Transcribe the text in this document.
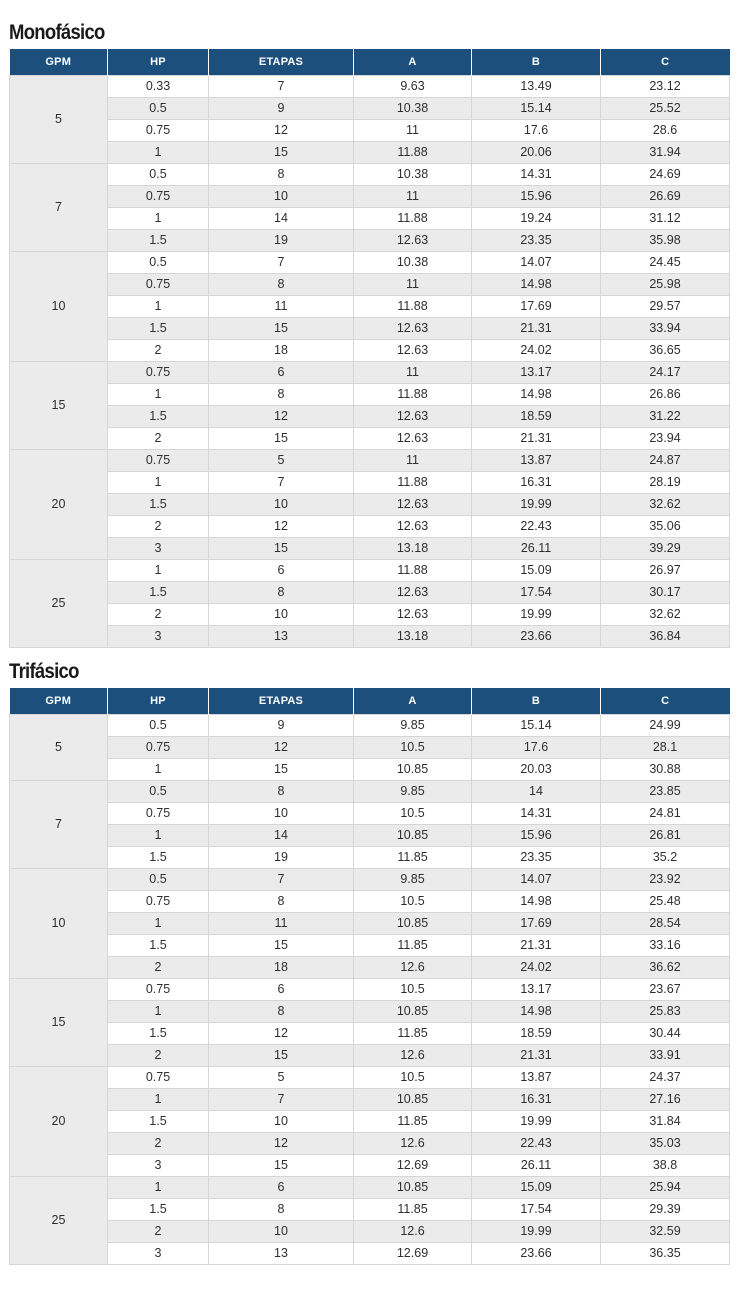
Monofásico
GPM	HP	ETAPAS	A	B	C
5	0.33	7	9.63	13.49	23.12
	0.5	9	10.38	15.14	25.52
	0.75	12	11	17.6	28.6
	1	15	11.88	20.06	31.94
7	0.5	8	10.38	14.31	24.69
	0.75	10	11	15.96	26.69
	1	14	11.88	19.24	31.12
	1.5	19	12.63	23.35	35.98
10	0.5	7	10.38	14.07	24.45
	0.75	8	11	14.98	25.98
	1	11	11.88	17.69	29.57
	1.5	15	12.63	21.31	33.94
	2	18	12.63	24.02	36.65
15	0.75	6	11	13.17	24.17
	1	8	11.88	14.98	26.86
	1.5	12	12.63	18.59	31.22
	2	15	12.63	21.31	23.94
20	0.75	5	11	13.87	24.87
	1	7	11.88	16.31	28.19
	1.5	10	12.63	19.99	32.62
	2	12	12.63	22.43	35.06
	3	15	13.18	26.11	39.29
25	1	6	11.88	15.09	26.97
	1.5	8	12.63	17.54	30.17
	2	10	12.63	19.99	32.62
	3	13	13.18	23.66	36.84
Trifásico
GPM	HP	ETAPAS	A	B	C
5	0.5	9	9.85	15.14	24.99
	0.75	12	10.5	17.6	28.1
	1	15	10.85	20.03	30.88
7	0.5	8	9.85	14	23.85
	0.75	10	10.5	14.31	24.81
	1	14	10.85	15.96	26.81
	1.5	19	11.85	23.35	35.2
10	0.5	7	9.85	14.07	23.92
	0.75	8	10.5	14.98	25.48
	1	11	10.85	17.69	28.54
	1.5	15	11.85	21.31	33.16
	2	18	12.6	24.02	36.62
15	0.75	6	10.5	13.17	23.67
	1	8	10.85	14.98	25.83
	1.5	12	11.85	18.59	30.44
	2	15	12.6	21.31	33.91
20	0.75	5	10.5	13.87	24.37
	1	7	10.85	16.31	27.16
	1.5	10	11.85	19.99	31.84
	2	12	12.6	22.43	35.03
	3	15	12.69	26.11	38.8
25	1	6	10.85	15.09	25.94
	1.5	8	11.85	17.54	29.39
	2	10	12.6	19.99	32.59
	3	13	12.69	23.66	36.35
